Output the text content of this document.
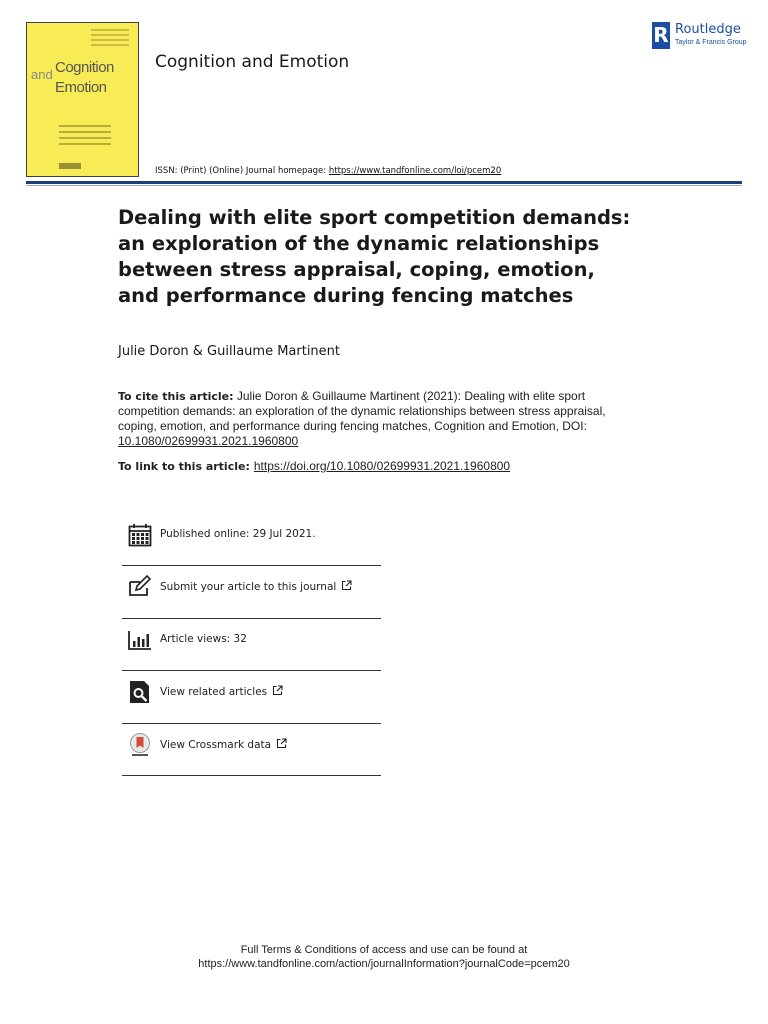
Cognition
and
Emotion
Cognition and Emotion
R Routledge
Taylor & Francis Group
ISSN: (Print) (Online) Journal homepage: https://www.tandfonline.com/loi/pcem20
Dealing with elite sport competition demands: an exploration of the dynamic relationships between stress appraisal, coping, emotion, and performance during fencing matches
Julie Doron & Guillaume Martinent
To cite this article: Julie Doron & Guillaume Martinent (2021): Dealing with elite sport competition demands: an exploration of the dynamic relationships between stress appraisal, coping, emotion, and performance during fencing matches, Cognition and Emotion, DOI: 10.1080/02699931.2021.1960800
To link to this article: https://doi.org/10.1080/02699931.2021.1960800
Published online: 29 Jul 2021.
Submit your article to this journal
Article views: 32
View related articles
View Crossmark data
Full Terms & Conditions of access and use can be found at
https://www.tandfonline.com/action/journalInformation?journalCode=pcem20
